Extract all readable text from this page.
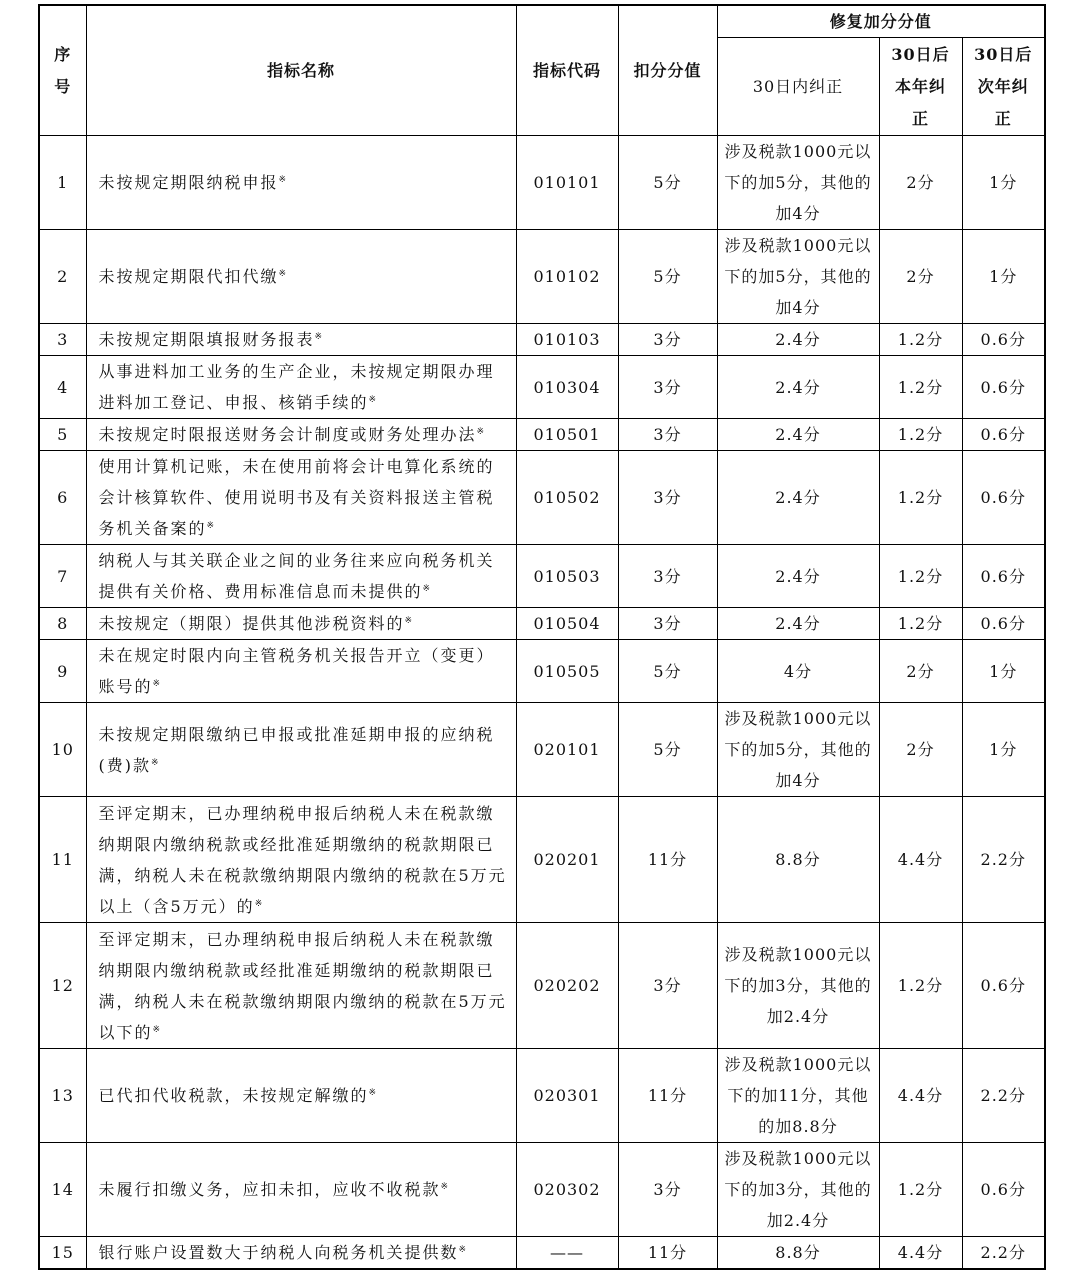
序号	指标名称	指标代码	扣分分值	修复加分分值		
				30日内纠正	30日后本年纠正	30日后次年纠正
1	未按规定期限纳税申报※	010101	5分	涉及税款1000元以下的加5分，其他的加4分	2分	1分
2	未按规定期限代扣代缴※	010102	5分	涉及税款1000元以下的加5分，其他的加4分	2分	1分
3	未按规定期限填报财务报表※	010103	3分	2.4分	1.2分	0.6分
4	从事进料加工业务的生产企业，未按规定期限办理进料加工登记、申报、核销手续的※	010304	3分	2.4分	1.2分	0.6分
5	未按规定时限报送财务会计制度或财务处理办法※	010501	3分	2.4分	1.2分	0.6分
6	使用计算机记账，未在使用前将会计电算化系统的会计核算软件、使用说明书及有关资料报送主管税务机关备案的※	010502	3分	2.4分	1.2分	0.6分
7	纳税人与其关联企业之间的业务往来应向税务机关提供有关价格、费用标准信息而未提供的※	010503	3分	2.4分	1.2分	0.6分
8	未按规定（期限）提供其他涉税资料的※	010504	3分	2.4分	1.2分	0.6分
9	未在规定时限内向主管税务机关报告开立（变更）账号的※	010505	5分	4分	2分	1分
10	未按规定期限缴纳已申报或批准延期申报的应纳税(费)款※	020101	5分	涉及税款1000元以下的加5分，其他的加4分	2分	1分
11	至评定期末，已办理纳税申报后纳税人未在税款缴纳期限内缴纳税款或经批准延期缴纳的税款期限已满，纳税人未在税款缴纳期限内缴纳的税款在5万元以上（含5万元）的※	020201	11分	8.8分	4.4分	2.2分
12	至评定期末，已办理纳税申报后纳税人未在税款缴纳期限内缴纳税款或经批准延期缴纳的税款期限已满，纳税人未在税款缴纳期限内缴纳的税款在5万元以下的※	020202	3分	涉及税款1000元以下的加3分，其他的加2.4分	1.2分	0.6分
13	已代扣代收税款，未按规定解缴的※	020301	11分	涉及税款1000元以下的加11分，其他的加8.8分	4.4分	2.2分
14	未履行扣缴义务，应扣未扣，应收不收税款※	020302	3分	涉及税款1000元以下的加3分，其他的加2.4分	1.2分	0.6分
15	银行账户设置数大于纳税人向税务机关提供数※	——	11分	8.8分	4.4分	2.2分
